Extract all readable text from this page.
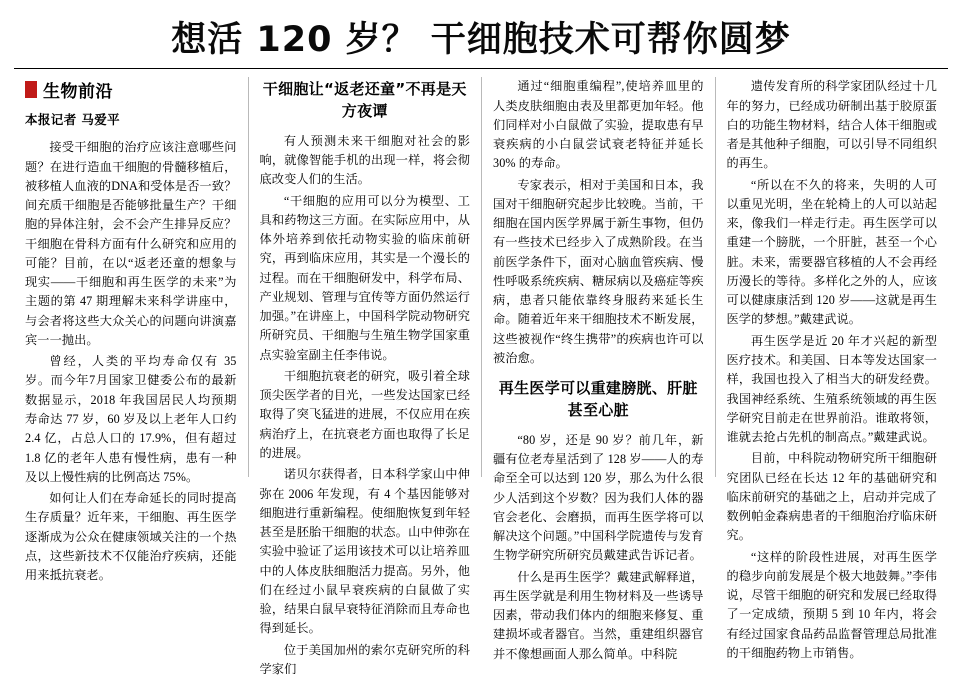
想活 120 岁？ 干细胞技术可帮你圆梦
生物前沿
本报记者 马爱平

接受干细胞的治疗应该注意哪些问题？在进行造血干细胞的骨髓移植后，被移植人血液的DNA和受体是否一致？间充质干细胞是否能够批量生产？干细胞的异体注射，会不会产生排异反应？干细胞在骨科方面有什么研究和应用的可能？目前，在以“返老还童的想象与现实——干细胞和再生医学的未来”为主题的第 47 期理解未来科学讲座中，与会者将这些大众关心的问题向讲演嘉宾一一抛出。

曾经，人类的平均寿命仅有 35 岁。而今年7月国家卫健委公布的最新数据显示，2018 年我国居民人均预期寿命达 77 岁，60 岁及以上老年人口约 2.4 亿，占总人口的 17.9%，但有超过 1.8 亿的老年人患有慢性病，患有一种及以上慢性病的比例高达 75%。

如何让人们在寿命延长的同时提高生存质量？近年来，干细胞、再生医学逐渐成为公众在健康领域关注的一个热点，这些新技术不仅能治疗疾病，还能用来抵抗衰老。

干细胞让“返老还童”不再是天方夜谭

有人预测未来干细胞对社会的影响，就像智能手机的出现一样，将会彻底改变人们的生活。

“干细胞的应用可以分为模型、工具和药物这三方面。在实际应用中，从体外培养到依托动物实验的临床前研究，再到临床应用，其实是一个漫长的过程。而在干细胞研发中，科学布局、产业规划、管理与宜传等方面仍然运行加强。”在讲座上，中国科学院动物研究所研究员、干细胞与生殖生物学国家重点实验室副主任李伟说。

干细胞抗衰老的研究，吸引着全球顶尖医学者的目光，一些发达国家已经取得了突飞猛进的进展，不仅应用在疾病治疗上，在抗衰老方面也取得了长足的进展。

诺贝尔获得者，日本科学家山中伸弥在 2006 年发现，有 4 个基因能够对细胞进行重新编程。使细胞恢复到年轻甚至是胚胎干细胞的状态。山中伸弥在实验中验证了运用该技术可以让培养皿中的人体皮肤细胞活力提高。另外，他们在经过小鼠早衰疾病的白鼠做了实验，结果白鼠早衰特征消除而且寿命也得到延长。

位于美国加州的索尔克研究所的科学家们

通过“细胞重编程”,使培养皿里的人类皮肤细胞由表及里都更加年轻。他们同样对小白鼠做了实验，提取患有早衰疾病的小白鼠尝试衰老特征并延长 30% 的寿命。

专家表示，相对于美国和日本，我国对干细胞研究起步比较晚。当前，干细胞在国内医学界属于新生事物，但仍有一些技术已经步入了成熟阶段。在当前医学条件下，面对心脑血管疾病、慢性呼吸系统疾病、糖尿病以及癌症等疾病，患者只能依靠终身服药来延长生命。随着近年来干细胞技术不断发展，这些被视作“终生携带”的疾病也许可以被治愈。

再生医学可以重建膀胱、肝脏甚至心脏

“80 岁，还是 90 岁？前几年，新疆有位老寿星活到了 128 岁——人的寿命至全可以达到 120 岁，那么为什么很少人活到这个岁数？因为我们人体的器官会老化、会磨损，而再生医学将可以解决这个问题。”中国科学院遗传与发育生物学研究所研究员戴建武告诉记者。

什么是再生医学？戴建武解释道，再生医学就是利用生物材料及一些诱导因素，带动我们体内的细胞来修复、重建损坏或者器官。当然，重建组织器官并不像想画面人那么简单。中科院

遗传发育所的科学家团队经过十几年的努力，已经成功研制出基于胶原蛋白的功能生物材料，结合人体干细胞或者是其他种子细胞，可以引导不同组织的再生。

“所以在不久的将来，失明的人可以重见光明，坐在轮椅上的人可以站起来，像我们一样走行走。再生医学可以重建一个膀胱，一个肝脏，甚至一个心脏。未来，需要器官移植的人不会再经历漫长的等待。多样化之外的人，应该可以健康康活到 120 岁——这就是再生医学的梦想。”戴建武说。

再生医学是近 20 年才兴起的新型医疗技术。和美国、日本等发达国家一样，我国也投入了相当大的研发经费。我国神经系统、生殖系统领域的再生医学研究目前走在世界前沿。谁敢将领，谁就去抢占先机的制高点。”戴建武说。

目前，中科院动物研究所干细胞研究团队已经在长达 12 年的基础研究和临床前研究的基础之上，启动并完成了数例帕金森病患者的干细胞治疗临床研究。

“这样的阶段性进展，对再生医学的稳步向前发展是个极大地鼓舞。”李伟说，尽管干细胞的研究和发展已经取得了一定成绩，预期 5 到 10 年内，将会有经过国家食品药品监督管理总局批准的干细胞药物上市销售。
